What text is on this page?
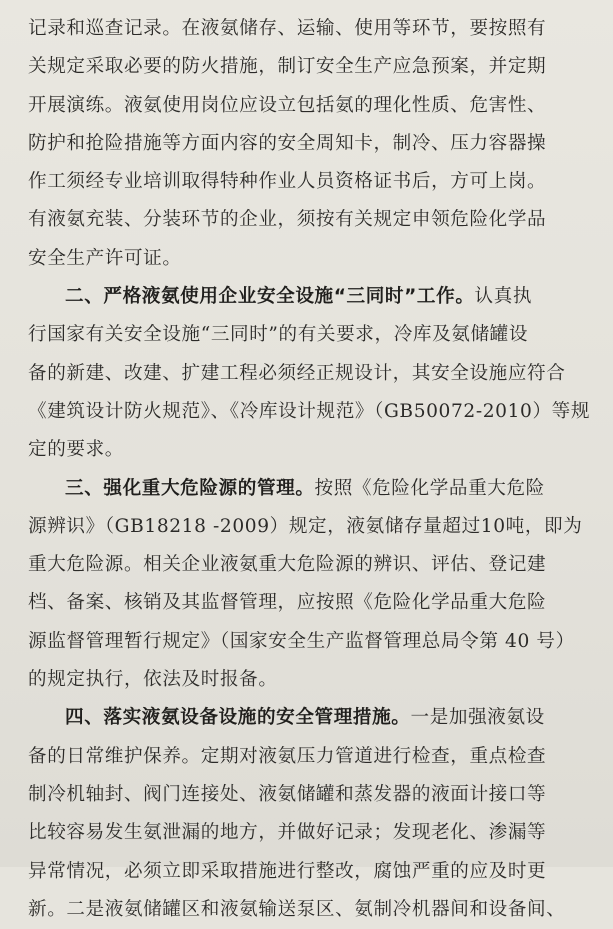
记录和巡查记录。在液氨储存、运输、使用等环节，要按照有
关规定采取必要的防火措施，制订安全生产应急预案，并定期
开展演练。液氨使用岗位应设立包括氨的理化性质、危害性、
防护和抢险措施等方面内容的安全周知卡，制冷、压力容器操
作工须经专业培训取得特种作业人员资格证书后，方可上岗。
有液氨充装、分装环节的企业，须按有关规定申领危险化学品
安全生产许可证。
二、严格液氨使用企业安全设施“三同时”工作。认真执
行国家有关安全设施“三同时”的有关要求，冷库及氨储罐设
备的新建、改建、扩建工程必须经正规设计，其安全设施应符合
《建筑设计防火规范》、《冷库设计规范》（GB50072-2010）等规
定的要求。
三、强化重大危险源的管理。按照《危险化学品重大危险
源辨识》（GB18218 -2009）规定，液氨储存量超过10吨，即为
重大危险源。相关企业液氨重大危险源的辨识、评估、登记建
档、备案、核销及其监督管理，应按照《危险化学品重大危险
源监督管理暂行规定》（国家安全生产监督管理总局令第 40 号）
的规定执行，依法及时报备。
四、落实液氨设备设施的安全管理措施。一是加强液氨设
备的日常维护保养。定期对液氨压力管道进行检查，重点检查
制冷机轴封、阀门连接处、液氨储罐和蒸发器的液面计接口等
比较容易发生氨泄漏的地方，并做好记录；发现老化、渗漏等
异常情况，必须立即采取措施进行整改，腐蚀严重的应及时更
新。二是液氨储罐区和液氨输送泵区、氨制冷机器间和设备间、
